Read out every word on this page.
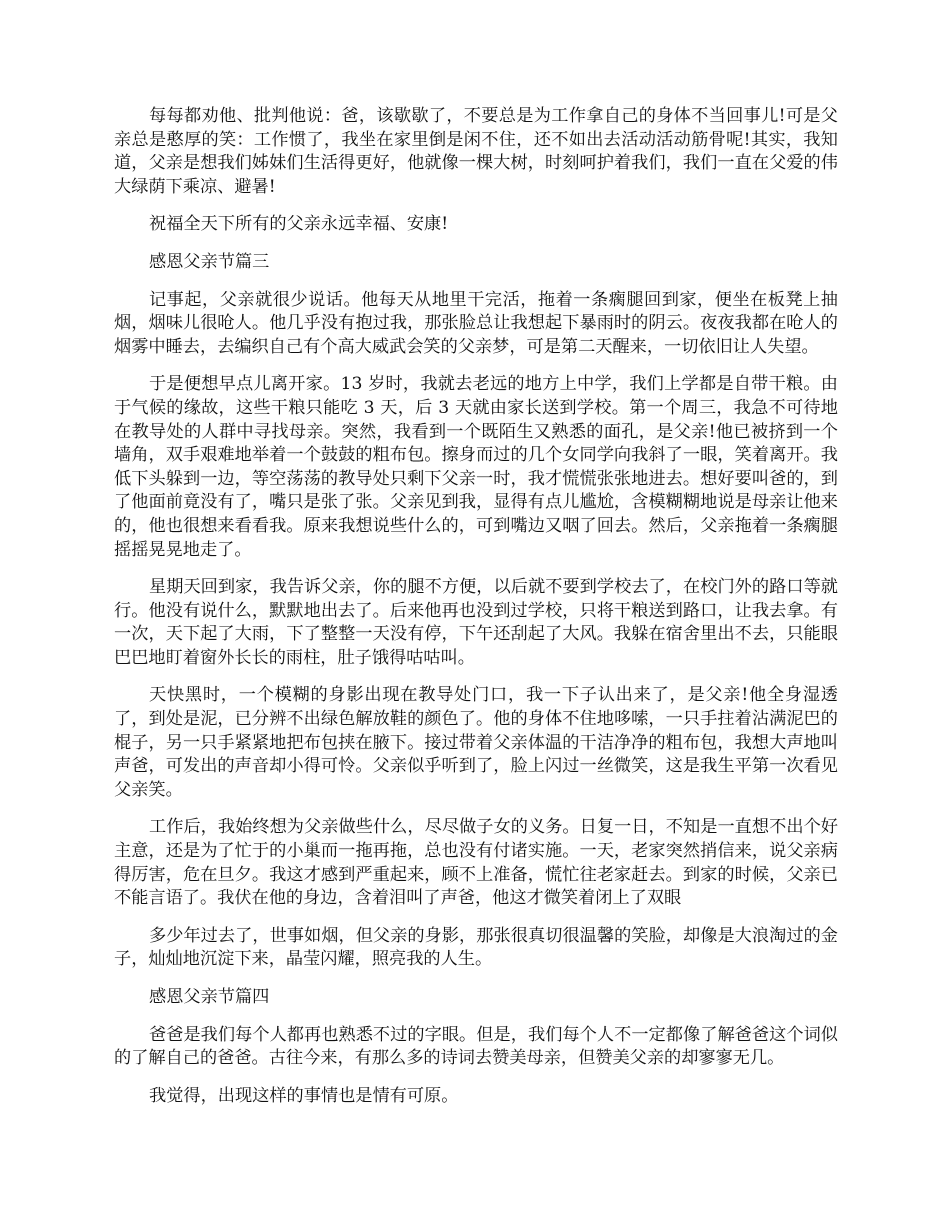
每每都劝他、批判他说：爸，该歇歇了，不要总是为工作拿自己的身体不当回事儿!可是父亲总是憨厚的笑：工作惯了，我坐在家里倒是闲不住，还不如出去活动活动筋骨呢!其实，我知道，父亲是想我们姊妹们生活得更好，他就像一棵大树，时刻呵护着我们，我们一直在父爱的伟大绿荫下乘凉、避暑!

祝福全天下所有的父亲永远幸福、安康!

感恩父亲节篇三

记事起，父亲就很少说话。他每天从地里干完活，拖着一条瘸腿回到家，便坐在板凳上抽烟，烟味儿很呛人。他几乎没有抱过我，那张脸总让我想起下暴雨时的阴云。夜夜我都在呛人的烟雾中睡去，去编织自己有个高大威武会笑的父亲梦，可是第二天醒来，一切依旧让人失望。

于是便想早点儿离开家。13 岁时，我就去老远的地方上中学，我们上学都是自带干粮。由于气候的缘故，这些干粮只能吃 3 天，后 3 天就由家长送到学校。第一个周三，我急不可待地在教导处的人群中寻找母亲。突然，我看到一个既陌生又熟悉的面孔，是父亲!他已被挤到一个墙角，双手艰难地举着一个鼓鼓的粗布包。擦身而过的几个女同学向我斜了一眼，笑着离开。我低下头躲到一边，等空荡荡的教导处只剩下父亲一时，我才慌慌张张地进去。想好要叫爸的，到了他面前竟没有了，嘴只是张了张。父亲见到我，显得有点儿尴尬，含模糊糊地说是母亲让他来的，他也很想来看看我。原来我想说些什么的，可到嘴边又咽了回去。然后，父亲拖着一条瘸腿摇摇晃晃地走了。

星期天回到家，我告诉父亲，你的腿不方便，以后就不要到学校去了，在校门外的路口等就行。他没有说什么，默默地出去了。后来他再也没到过学校，只将干粮送到路口，让我去拿。有一次，天下起了大雨，下了整整一天没有停，下午还刮起了大风。我躲在宿舍里出不去，只能眼巴巴地盯着窗外长长的雨柱，肚子饿得咕咕叫。

天快黑时，一个模糊的身影出现在教导处门口，我一下子认出来了，是父亲!他全身湿透了，到处是泥，已分辨不出绿色解放鞋的颜色了。他的身体不住地哆嗦，一只手拄着沾满泥巴的棍子，另一只手紧紧地把布包挟在腋下。接过带着父亲体温的干洁净净的粗布包，我想大声地叫声爸，可发出的声音却小得可怜。父亲似乎听到了，脸上闪过一丝微笑，这是我生平第一次看见父亲笑。

工作后，我始终想为父亲做些什么，尽尽做子女的义务。日复一日，不知是一直想不出个好主意，还是为了忙于的小巢而一拖再拖，总也没有付诸实施。一天，老家突然捎信来，说父亲病得厉害，危在旦夕。我这才感到严重起来，顾不上准备，慌忙往老家赶去。到家的时候，父亲已不能言语了。我伏在他的身边，含着泪叫了声爸，他这才微笑着闭上了双眼

多少年过去了，世事如烟，但父亲的身影，那张很真切很温馨的笑脸，却像是大浪淘过的金子，灿灿地沉淀下来，晶莹闪耀，照亮我的人生。

感恩父亲节篇四

爸爸是我们每个人都再也熟悉不过的字眼。但是，我们每个人不一定都像了解爸爸这个词似的了解自己的爸爸。古往今来，有那么多的诗词去赞美母亲，但赞美父亲的却寥寥无几。

我觉得，出现这样的事情也是情有可原。
